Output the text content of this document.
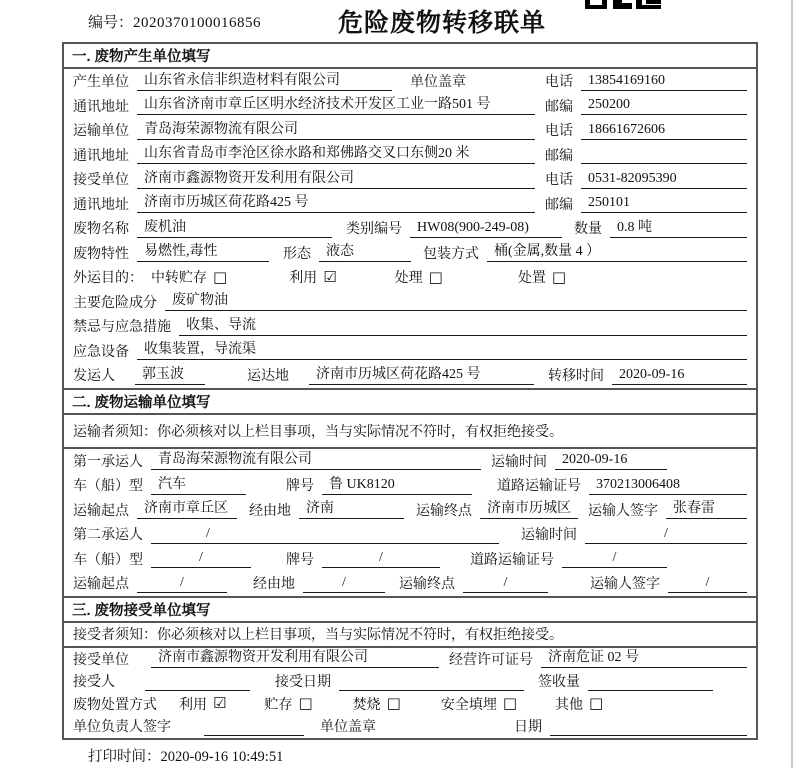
编号：2020370100016856	危险废物转移联单
一. 废物产生单位填写
产生单位	山东省永信非织造材料有限公司	单位盖章	电话	13854169160
通讯地址	山东省济南市章丘区明水经济技术开发区工业一路501 号	邮编	250200
运输单位	青岛海荣源物流有限公司	电话	18661672606
通讯地址	山东省青岛市李沧区徐水路和郑佛路交叉口东侧20 米	邮编
接受单位	济南市鑫源物资开发利用有限公司	电话	0531-82095390
通讯地址	济南市历城区荷花路425 号	邮编	250101
废物名称	废机油	类别编号	HW08(900-249-08)	数量	0.8 吨
废物特性	易燃性,毒性	形态	液态	包装方式	桶(金属,数量 4 ）
外运目的： 中转贮存 □	利用 ☑	处理 □	处置 □
主要危险成分	废矿物油
禁忌与应急措施	收集、导流
应急设备	收集装置，导流渠
发运人	郭玉波	运达地	济南市历城区荷花路425 号	转移时间	2020-09-16
二. 废物运输单位填写
运输者须知：你必须核对以上栏目事项，当与实际情况不符时，有权拒绝接受。
第一承运人	青岛海荣源物流有限公司	运输时间	2020-09-16
车（船）型	汽车	牌号	鲁 UK8120	道路运输证号	370213006408
运输起点	济南市章丘区	经由地	济南	运输终点	济南市历城区	运输人签字	张春雷
第二承运人	/	运输时间	/
车（船）型	/	牌号	/	道路运输证号	/
运输起点	/	经由地	/	运输终点	/	运输人签字	/
三. 废物接受单位填写
接受者须知：你必须核对以上栏目事项，当与实际情况不符时，有权拒绝接受。
接受单位	济南市鑫源物资开发利用有限公司	经营许可证号	济南危证 02 号
接受人	接受日期	签收量
废物处置方式 利用 ☑	贮存 □	焚烧 □	安全填埋 □	其他 □
单位负责人签字	单位盖章	日期
打印时间：2020-09-16 10:49:51
